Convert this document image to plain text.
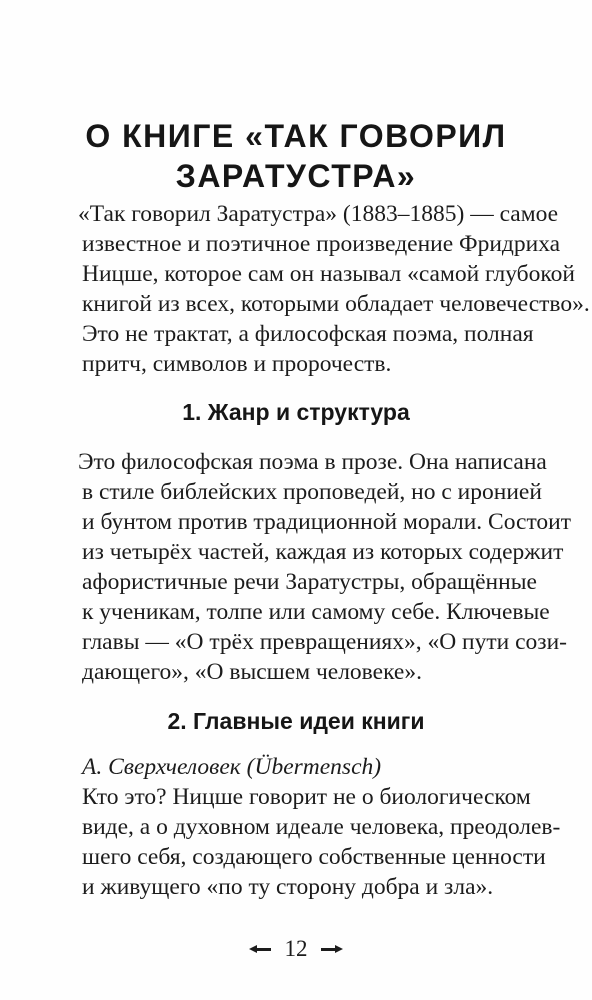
О КНИГЕ «ТАК ГОВОРИЛ
ЗАРАТУСТРА»
«Так говорил Заратустра» (1883–1885) — самое
известное и поэтичное произведение Фридриха
Ницше, которое сам он называл «самой глубокой
книгой из всех, которыми обладает человечество».
Это не трактат, а философская поэма, полная
притч, символов и пророчеств.
1. Жанр и структура
Это философская поэма в прозе. Она написана
в стиле библейских проповедей, но с иронией
и бунтом против традиционной морали. Состоит
из четырёх частей, каждая из которых содержит
афористичные речи Заратустры, обращённые
к ученикам, толпе или самому себе. Ключевые
главы — «О трёх превращениях», «О пути сози-
дающего», «О высшем человеке».
2. Главные идеи книги
А. Сверхчеловек (Übermensch)
Кто это? Ницше говорит не о биологическом
виде, а о духовном идеале человека, преодолев-
шего себя, создающего собственные ценности
и живущего «по ту сторону добра и зла».
12
